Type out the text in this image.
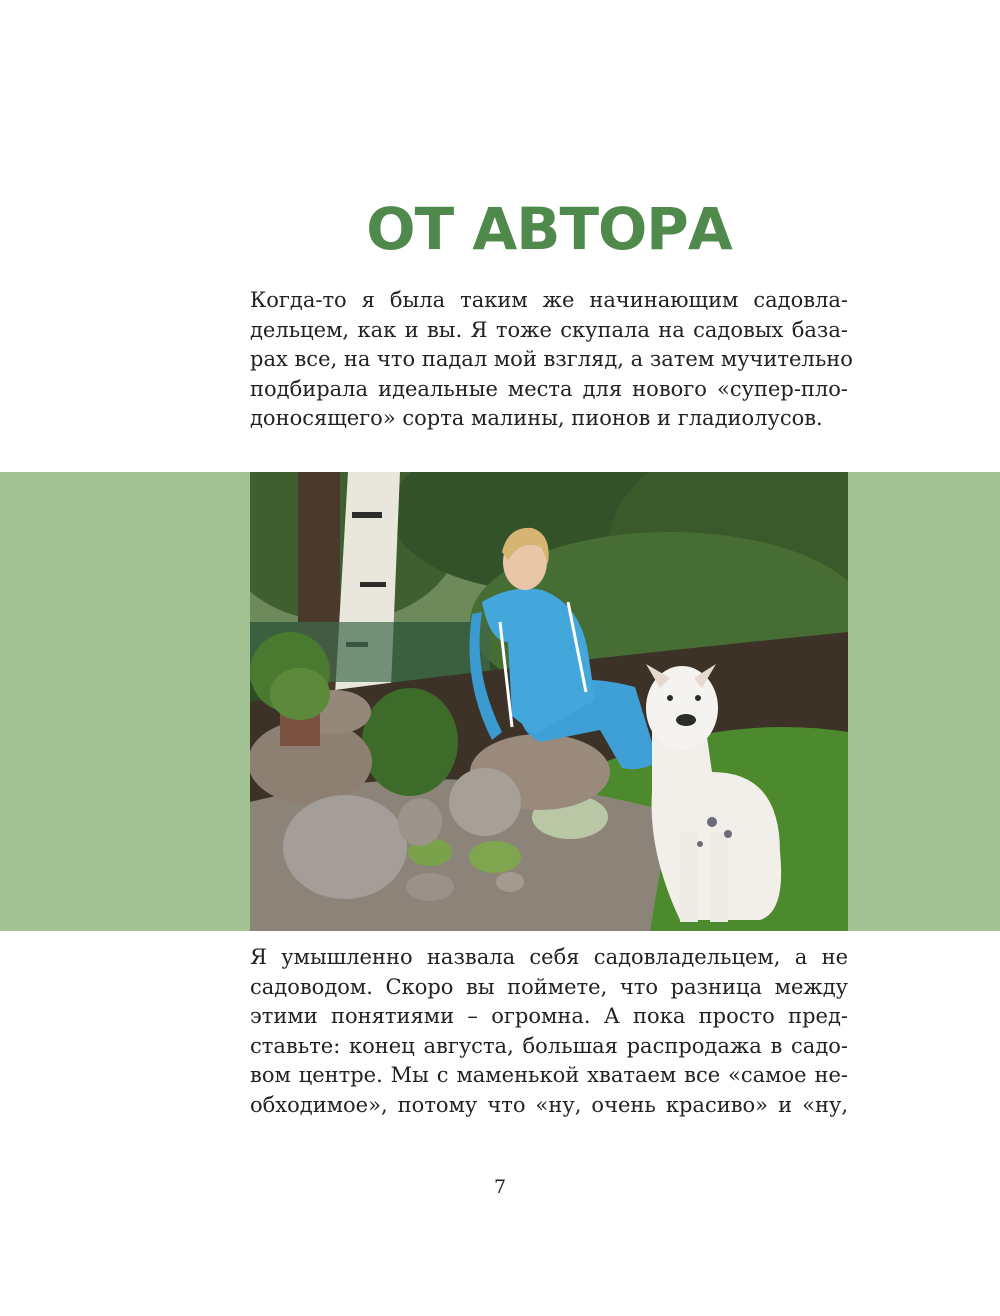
ОТ АВТОРА
Когда-то я была таким же начинающим садовла-
дельцем, как и вы. Я тоже скупала на садовых база-
рах все, на что падал мой взгляд, а затем мучительно
подбирала идеальные места для нового «супер-пло-
доносящего» сорта малины, пионов и гладиолусов.
Я умышленно назвала себя садовладельцем, а не
садоводом. Скоро вы поймете, что разница между
этими понятиями – огромна. А пока просто пред-
ставьте: конец августа, большая распродажа в садо-
вом центре. Мы с маменькой хватаем все «самое не-
обходимое», потому что «ну, очень красиво» и «ну,
7
